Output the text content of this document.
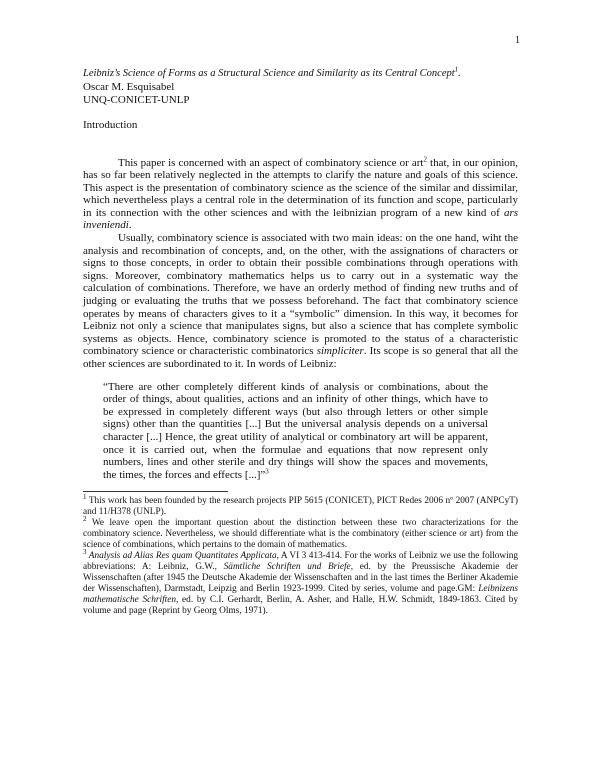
1

Leibniz’s Science of Forms as a Structural Science and Similarity as its Central Concept$^1$.

Oscar M. Esquisabel

UNQ-CONICET-UNLP

Introduction

This paper is concerned with an aspect of combinatory science or art$^2$ that, in our opinion, has so far been relatively neglected in the attempts to clarify the nature and goals of this science. This aspect is the presentation of combinatory science as the science of the similar and dissimilar, which nevertheless plays a central role in the determination of its function and scope, particularly in its connection with the other sciences and with the leibnizian program of a new kind of ars inveniendi.

Usually, combinatory science is associated with two main ideas: on the one hand, wiht the analysis and recombination of concepts, and, on the other, with the assignations of characters or signs to those concepts, in order to obtain their possible combinations through operations with signs. Moreover, combinatory mathematics helps us to carry out in a systematic way the calculation of combinations. Therefore, we have an orderly method of finding new truths and of judging or evaluating the truths that we possess beforehand. The fact that combinatory science operates by means of characters gives to it a “symbolic” dimension. In this way, it becomes for Leibniz not only a science that manipulates signs, but also a science that has complete symbolic systems as objects. Hence, combinatory science is promoted to the status of a characteristic combinatory science or characteristic combinatorics simpliciter. Its scope is so general that all the other sciences are subordinated to it. In words of Leibniz:

“There are other completely different kinds of analysis or combinations, about the order of things, about qualities, actions and an infinity of other things, which have to be expressed in completely different ways (but also through letters or other simple signs) other than the quantities [...] But the universal analysis depends on a universal character [...] Hence, the great utility of analytical or combinatory art will be apparent, once it is carried out, when the formulae and equations that now represent only numbers, lines and other sterile and dry things will show the spaces and movements, the times, the forces and effects [...]”$^3$

$^1$ This work has been founded by the research projects PIP 5615 (CONICET), PICT Redes 2006 nº 2007 (ANPCyT) and 11/H378 (UNLP).

$^2$ We leave open the important question about the distinction between these two characterizations for the combinatory science. Nevertheless, we should differentiate what is the combinatory (either science or art) from the science of combinations, which pertains to the domain of mathematics.

$^3$ Analysis ad Alias Res quam Quantitates Applicata, A VI 3 413-414. For the works of Leibniz we use the following abbreviations: A: Leibniz, G.W., Sämtliche Schriften und Briefe, ed. by the Preussische Akademie der Wissenschaften (after 1945 the Deutsche Akademie der Wissenschaften and in the last times the Berliner Akademie der Wissenschaften), Darmstadt, Leipzig and Berlin 1923-1999. Cited by series, volume and page.GM: Leibnizens mathematische Schriften, ed. by C.I. Gerhardt, Berlin, A. Asher, and Halle, H.W. Schmidt, 1849-1863. Cited by volume and page (Reprint by Georg Olms, 1971).
